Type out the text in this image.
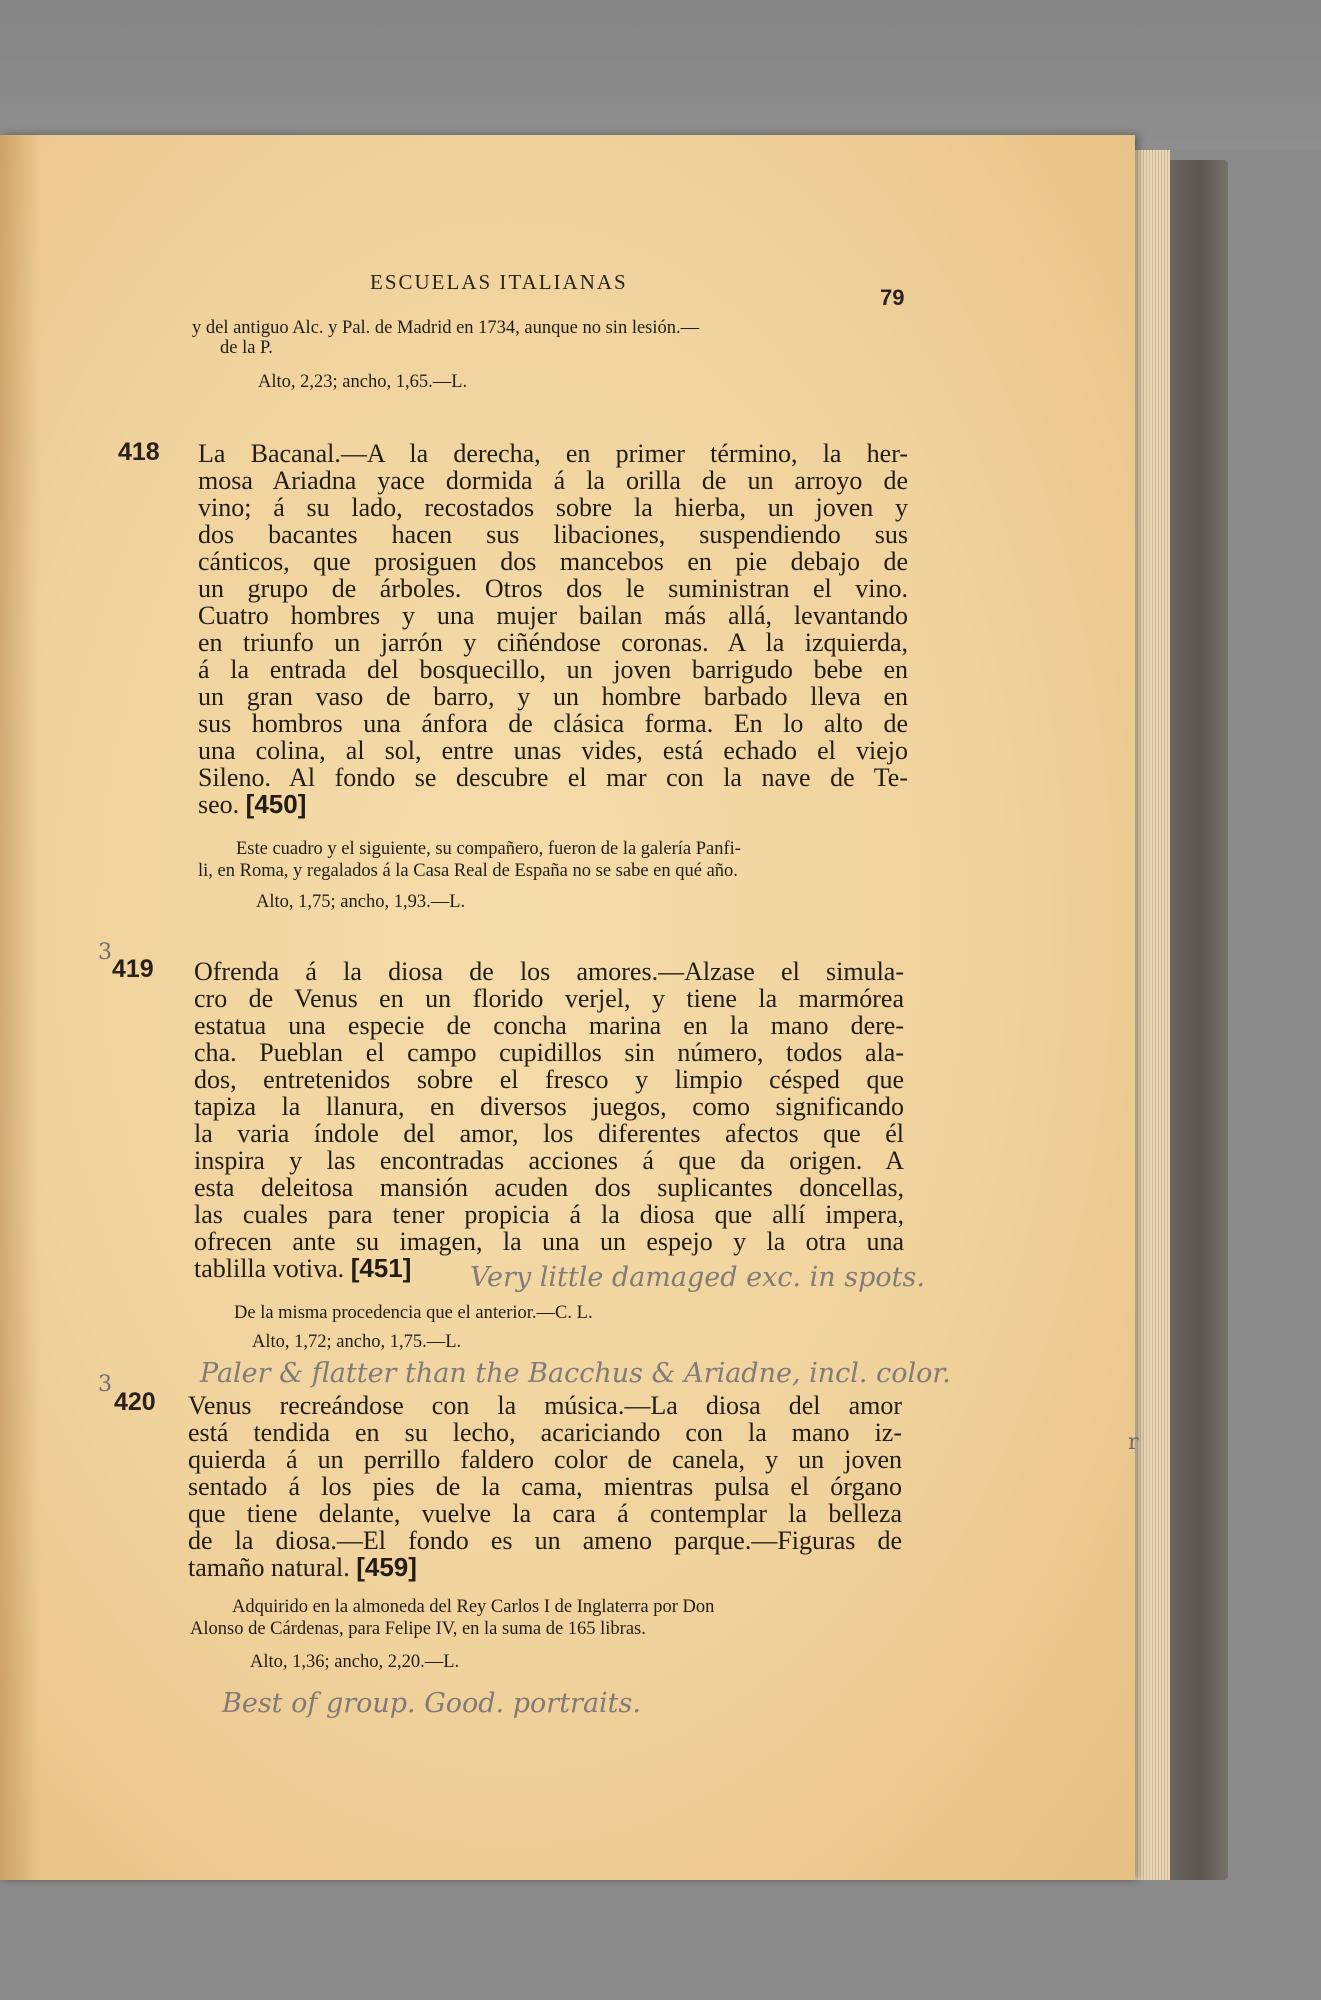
ESCUELAS ITALIANAS
79
y del antiguo Alc. y Pal. de Madrid en 1734, aunque no sin lesión.—
de la P.
Alto, 2,23; ancho, 1,65.—L.
418 La Bacanal.—A la derecha, en primer término, la her-
mosa Ariadna yace dormida á la orilla de un arroyo de
vino; á su lado, recostados sobre la hierba, un joven y
dos bacantes hacen sus libaciones, suspendiendo sus
cánticos, que prosiguen dos mancebos en pie debajo de
un grupo de árboles. Otros dos le suministran el vino.
Cuatro hombres y una mujer bailan más allá, levantando
en triunfo un jarrón y ciñéndose coronas. A la izquierda,
á la entrada del bosquecillo, un joven barrigudo bebe en
un gran vaso de barro, y un hombre barbado lleva en
sus hombros una ánfora de clásica forma. En lo alto de
una colina, al sol, entre unas vides, está echado el viejo
Sileno. Al fondo se descubre el mar con la nave de Te-
seo. [450]
Este cuadro y el siguiente, su compañero, fueron de la galería Panfi-
li, en Roma, y regalados á la Casa Real de España no se sabe en qué año.
Alto, 1,75; ancho, 1,93.—L.
3
419 Ofrenda á la diosa de los amores.—Alzase el simula-
cro de Venus en un florido verjel, y tiene la marmórea
estatua una especie de concha marina en la mano dere-
cha. Pueblan el campo cupidillos sin número, todos ala-
dos, entretenidos sobre el fresco y limpio césped que
tapiza la llanura, en diversos juegos, como significando
la varia índole del amor, los diferentes afectos que él
inspira y las encontradas acciones á que da origen. A
esta deleitosa mansión acuden dos suplicantes doncellas,
las cuales para tener propicia á la diosa que allí impera,
ofrecen ante su imagen, la una un espejo y la otra una
tablilla votiva. [451]	Very little damaged exc. in spots.
De la misma procedencia que el anterior.—C. L.
Alto, 1,72; ancho, 1,75.—L.
Paler & flatter than the Bacchus & Ariadne, incl. color.
3
420 Venus recreándose con la música.—La diosa del amor
está tendida en su lecho, acariciando con la mano iz-
quierda á un perrillo faldero color de canela, y un joven
sentado á los pies de la cama, mientras pulsa el órgano
que tiene delante, vuelve la cara á contemplar la belleza
de la diosa.—El fondo es un ameno parque.—Figuras de
tamaño natural. [459]
Adquirido en la almoneda del Rey Carlos I de Inglaterra por Don
Alonso de Cárdenas, para Felipe IV, en la suma de 165 libras.
Alto, 1,36; ancho, 2,20.—L.
Best of group. Good. portraits.
r
